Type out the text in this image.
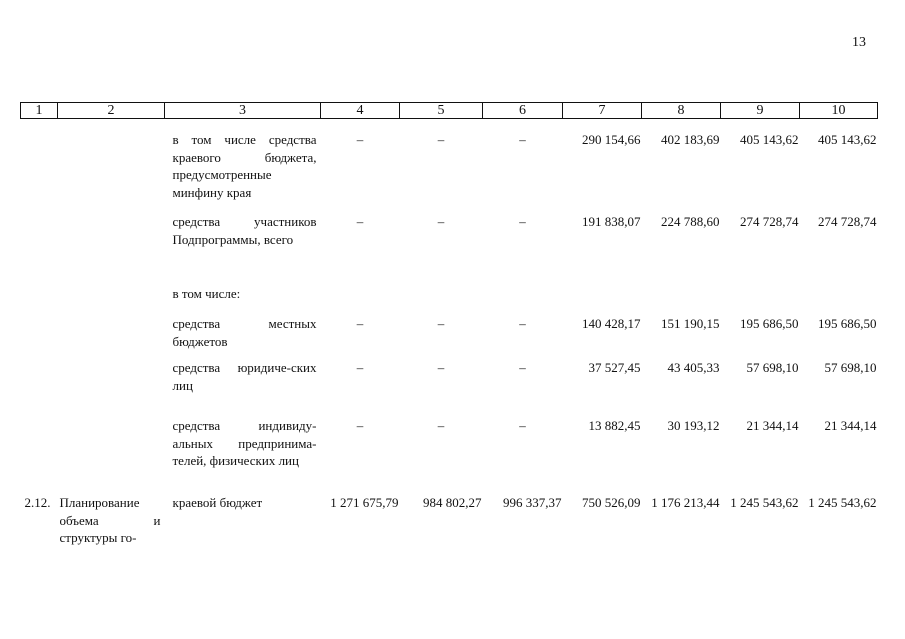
13
1	2	3	4	5	6	7	8	9	10
		в том числе средства краевого бюджета, предусмотренные минфину края	–	–	–	290 154,66	402 183,69	405 143,62	405 143,62
		средства участников Подпрограммы, всего	–	–	–	191 838,07	224 788,60	274 728,74	274 728,74
		в том числе:							
		средства местных бюджетов	–	–	–	140 428,17	151 190,15	195 686,50	195 686,50
		средства юридиче-ских лиц	–	–	–	37 527,45	43 405,33	57 698,10	57 698,10
		средства индивиду-альных предпринима-телей, физических лиц	–	–	–	13 882,45	30 193,12	21 344,14	21 344,14
2.12.	Планирование объема и структуры го-	краевой бюджет	1 271 675,79	984 802,27	996 337,37	750 526,09	1 176 213,44	1 245 543,62	1 245 543,62
